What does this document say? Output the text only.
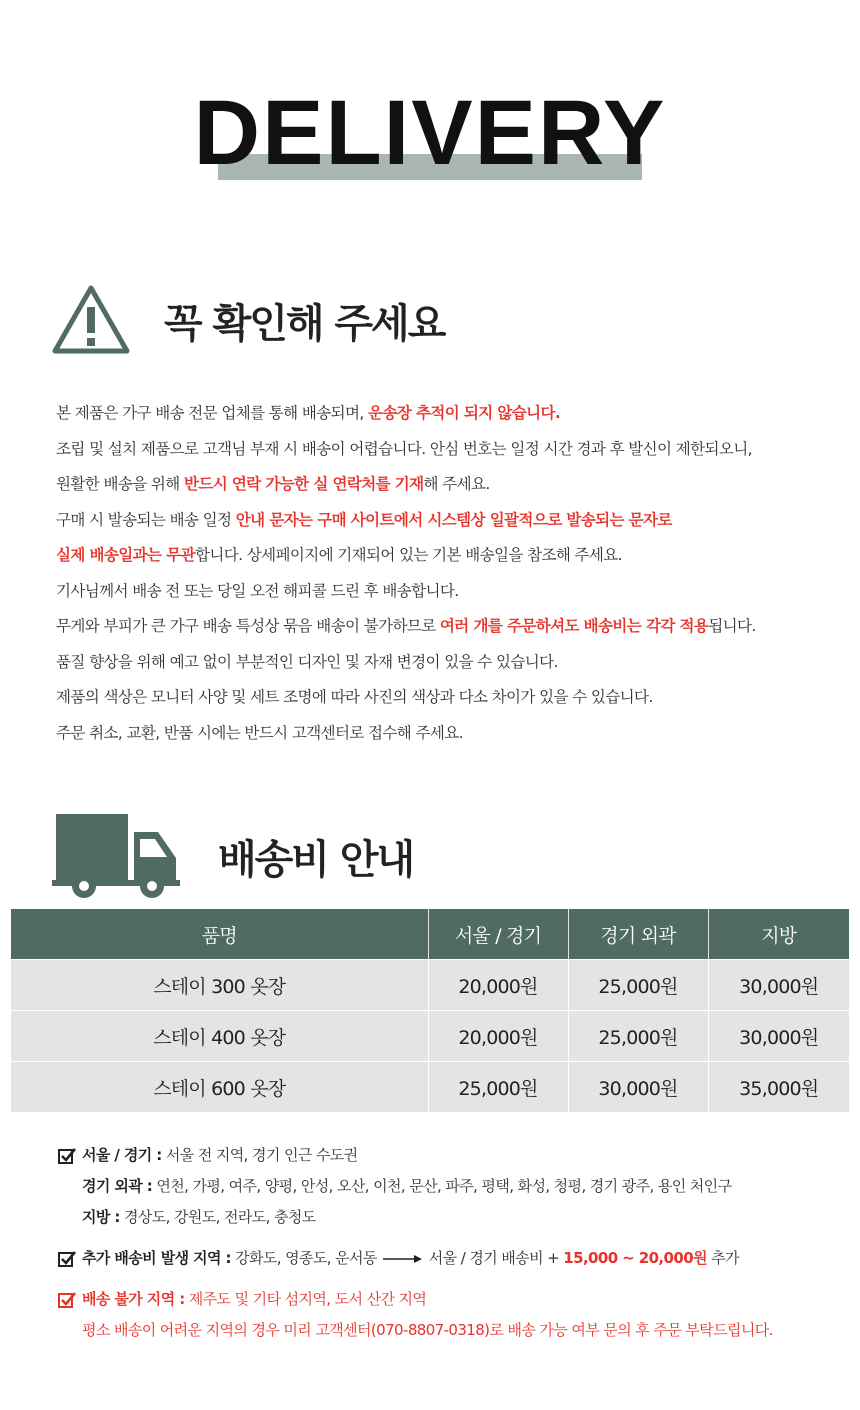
DELIVERY
꼭 확인해 주세요
본 제품은 가구 배송 전문 업체를 통해 배송되며, 운송장 추적이 되지 않습니다.
조립 및 설치 제품으로 고객님 부재 시 배송이 어렵습니다. 안심 번호는 일정 시간 경과 후 발신이 제한되오니,
원활한 배송을 위해 반드시 연락 가능한 실 연락처를 기재해 주세요.
구매 시 발송되는 배송 일정 안내 문자는 구매 사이트에서 시스템상 일괄적으로 발송되는 문자로
실제 배송일과는 무관합니다. 상세페이지에 기재되어 있는 기본 배송일을 참조해 주세요.
기사님께서 배송 전 또는 당일 오전 해피콜 드린 후 배송합니다.
무게와 부피가 큰 가구 배송 특성상 묶음 배송이 불가하므로 여러 개를 주문하셔도 배송비는 각각 적용됩니다.
품질 향상을 위해 예고 없이 부분적인 디자인 및 자재 변경이 있을 수 있습니다.
제품의 색상은 모니터 사양 및 세트 조명에 따라 사진의 색상과 다소 차이가 있을 수 있습니다.
주문 취소, 교환, 반품 시에는 반드시 고객센터로 접수해 주세요.
배송비 안내
품명	서울 / 경기	경기 외곽	지방
스테이 300 옷장	20,000원	25,000원	30,000원
스테이 400 옷장	20,000원	25,000원	30,000원
스테이 600 옷장	25,000원	30,000원	35,000원
서울 / 경기 : 서울 전 지역, 경기 인근 수도권
경기 외곽 : 연천, 가평, 여주, 양평, 안성, 오산, 이천, 문산, 파주, 평택, 화성, 청평, 경기 광주, 용인 처인구
지방 : 경상도, 강원도, 전라도, 충청도
추가 배송비 발생 지역 : 강화도, 영종도, 운서동	서울 / 경기 배송비 + 15,000 ~ 20,000원 추가
배송 불가 지역 : 제주도 및 기타 섬지역, 도서 산간 지역
평소 배송이 어려운 지역의 경우 미리 고객센터(070-8807-0318)로 배송 가능 여부 문의 후 주문 부탁드립니다.
